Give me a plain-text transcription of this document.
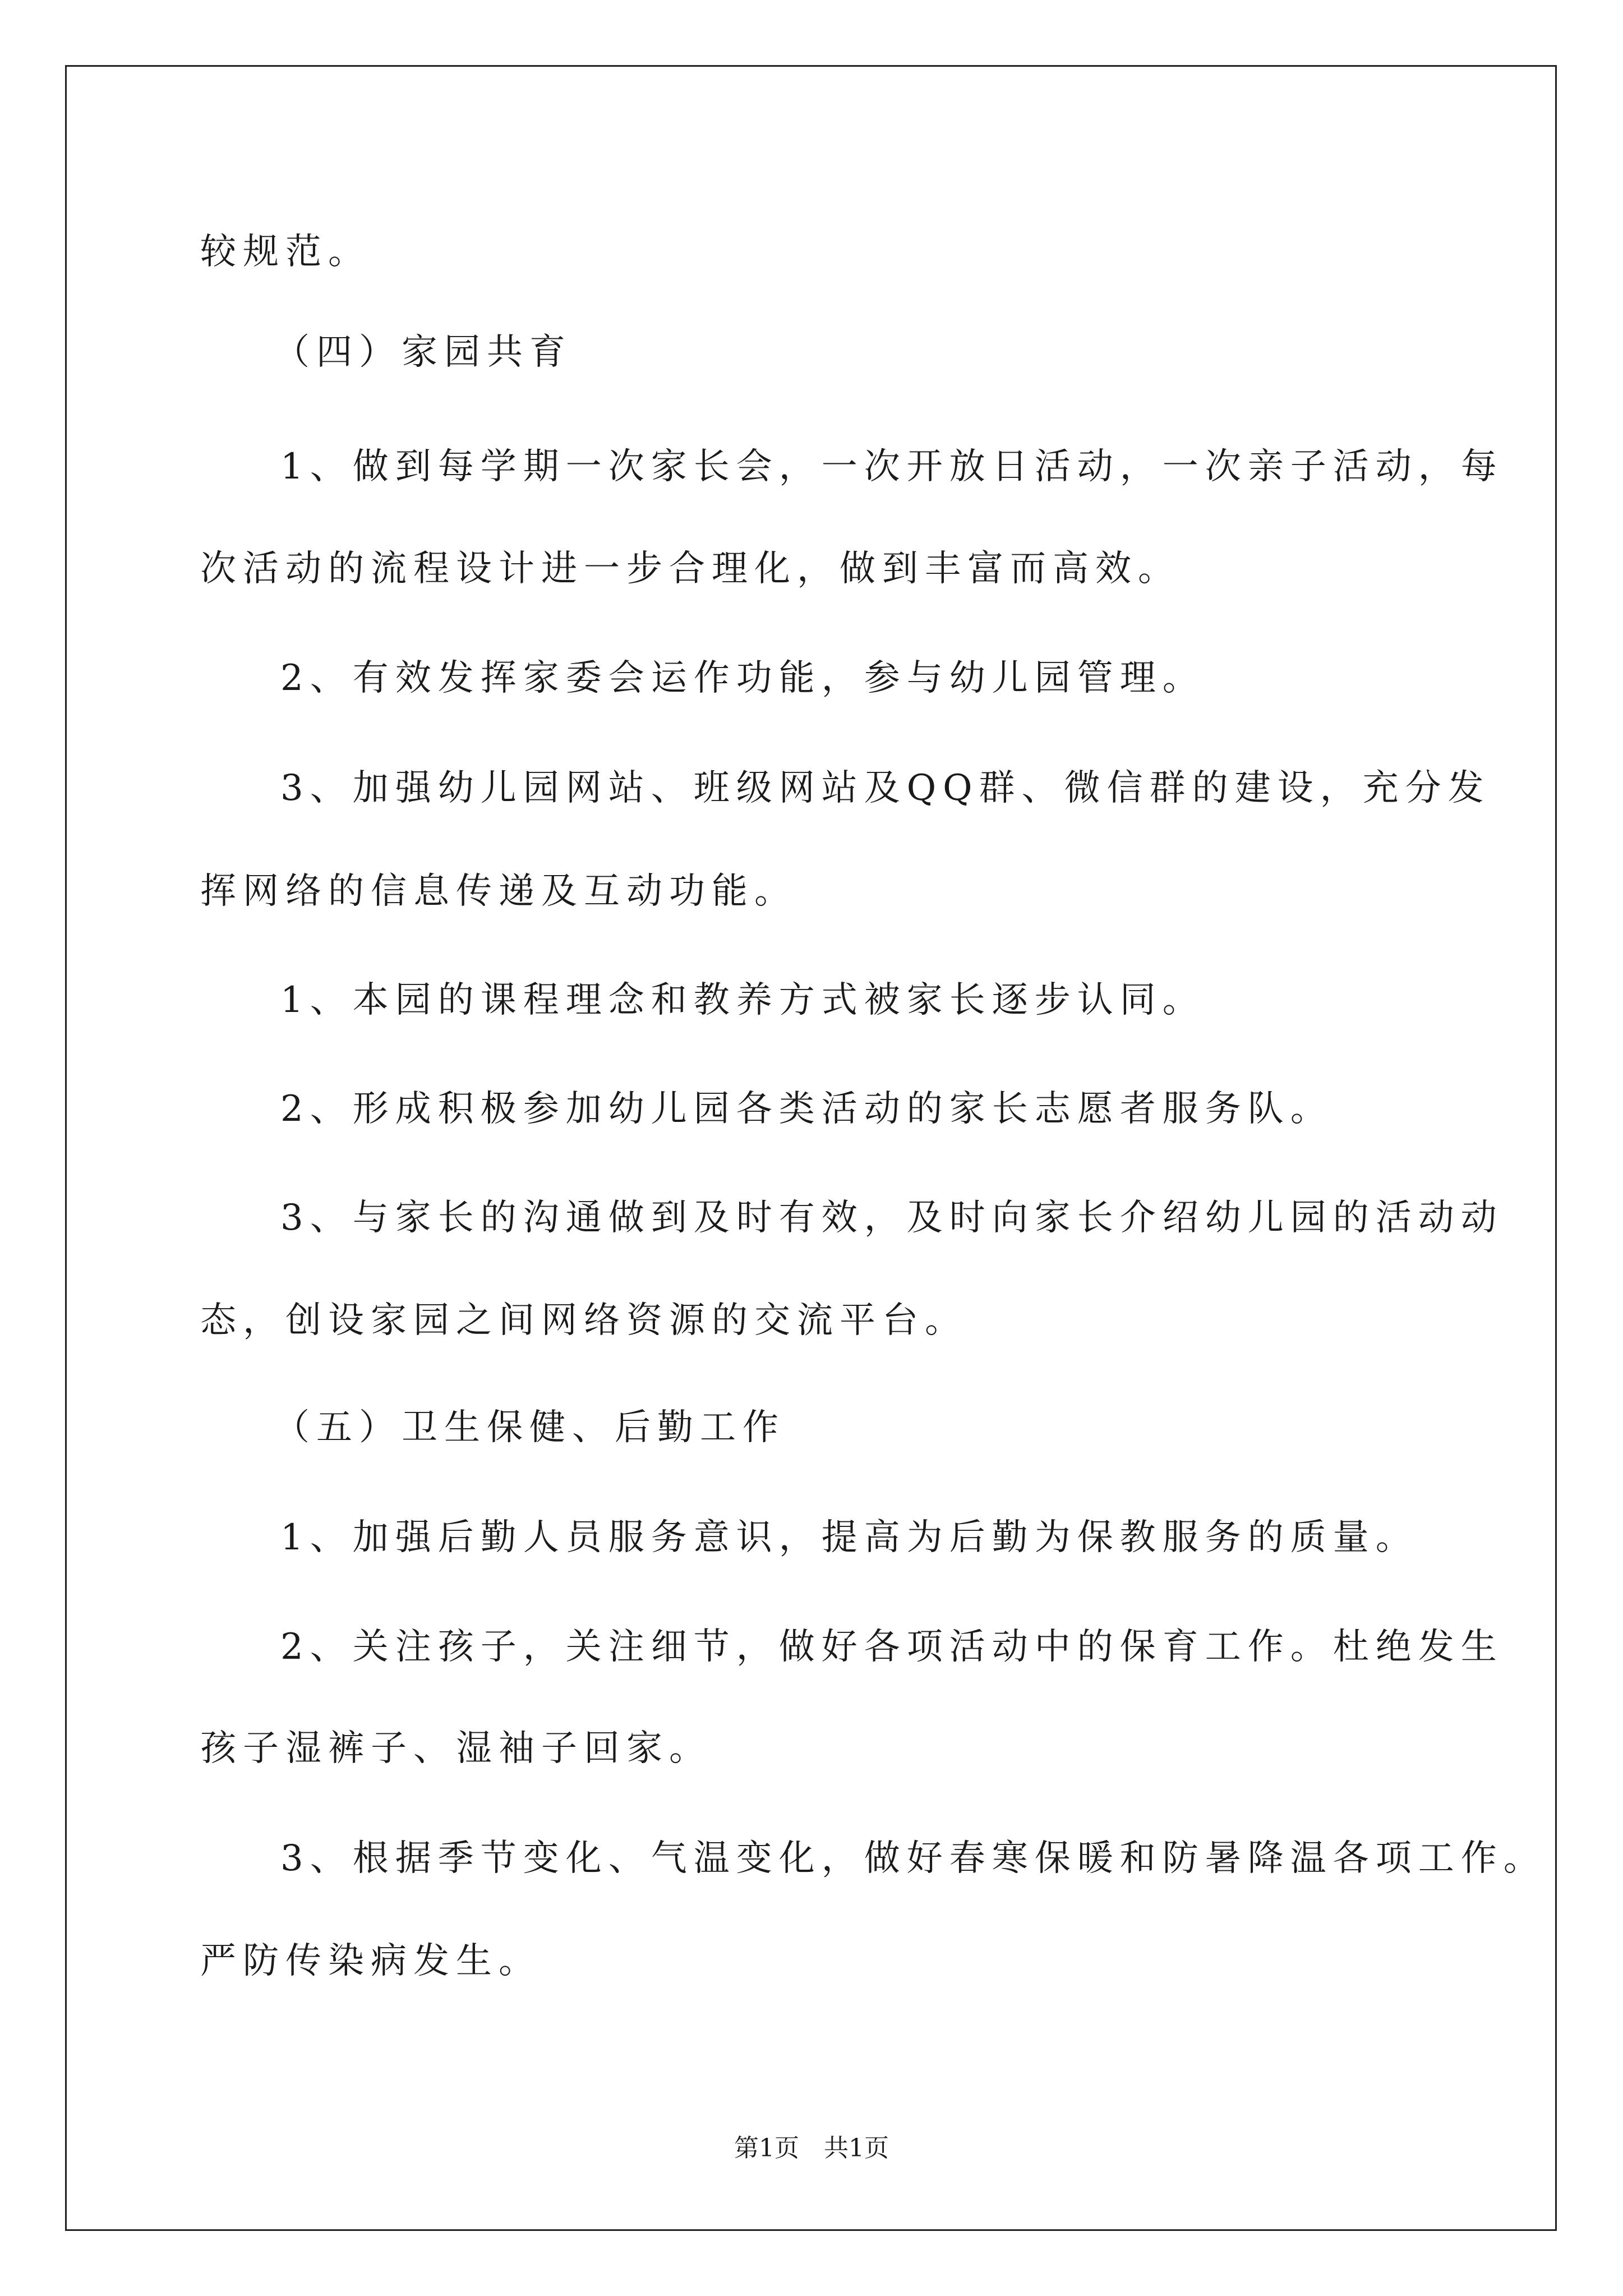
较规范。

（四）家园共育

1、做到每学期一次家长会，一次开放日活动，一次亲子活动，每

次活动的流程设计进一步合理化，做到丰富而高效。

2、有效发挥家委会运作功能，参与幼儿园管理。

3、加强幼儿园网站、班级网站及QQ群、微信群的建设，充分发

挥网络的信息传递及互动功能。

1、本园的课程理念和教养方式被家长逐步认同。

2、形成积极参加幼儿园各类活动的家长志愿者服务队。

3、与家长的沟通做到及时有效，及时向家长介绍幼儿园的活动动

态，创设家园之间网络资源的交流平台。

（五）卫生保健、后勤工作

1、加强后勤人员服务意识，提高为后勤为保教服务的质量。

2、关注孩子，关注细节，做好各项活动中的保育工作。杜绝发生

孩子湿裤子、湿袖子回家。

3、根据季节变化、气温变化，做好春寒保暖和防暑降温各项工作。

严防传染病发生。

第1页　共1页
